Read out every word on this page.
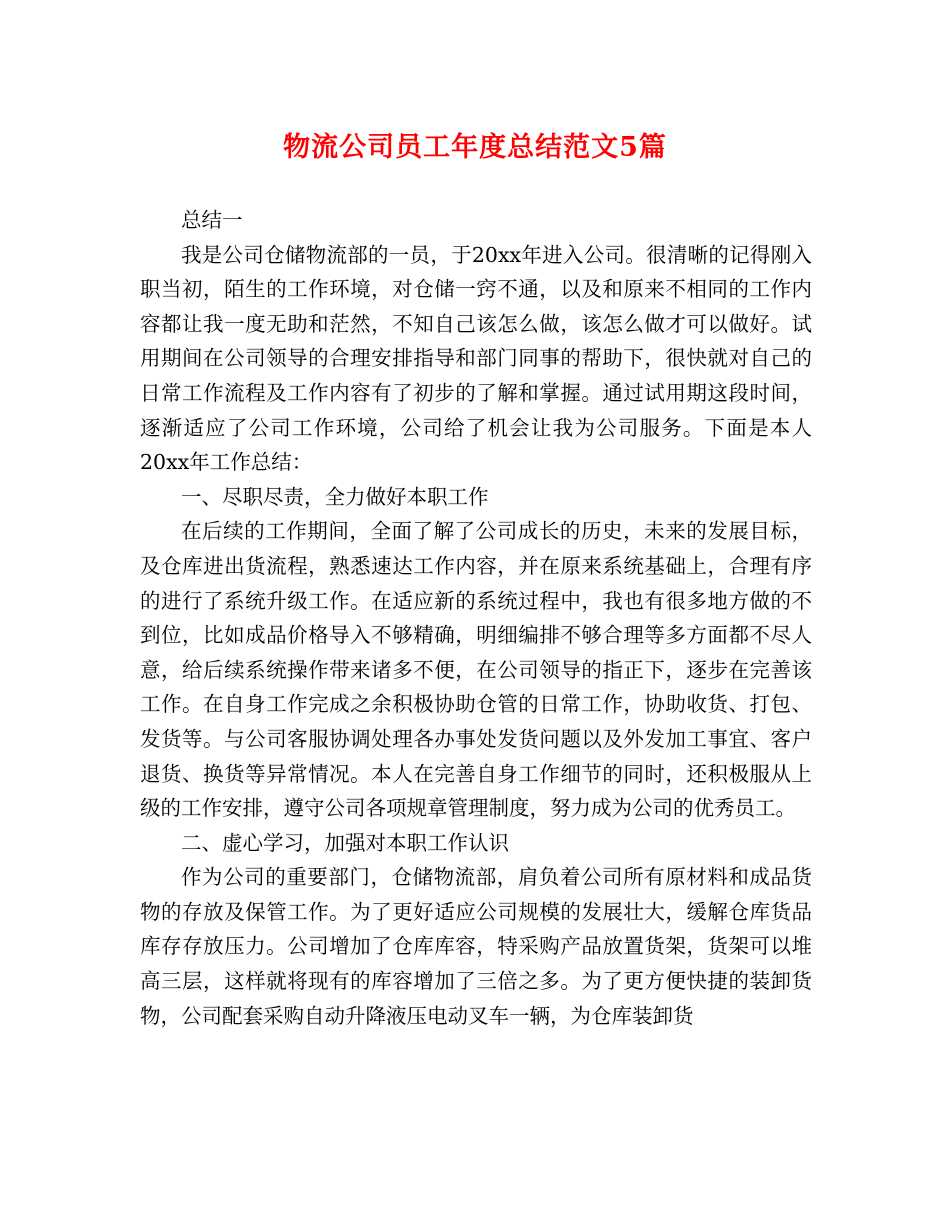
物流公司员工年度总结范文5篇

总结一

我是公司仓储物流部的一员，于20xx年进入公司。很清晰的记得刚入职当初，陌生的工作环境，对仓储一窍不通，以及和原来不相同的工作内容都让我一度无助和茫然，不知自己该怎么做，该怎么做才可以做好。试用期间在公司领导的合理安排指导和部门同事的帮助下，很快就对自己的日常工作流程及工作内容有了初步的了解和掌握。通过试用期这段时间，逐渐适应了公司工作环境，公司给了机会让我为公司服务。下面是本人20xx年工作总结：

一、尽职尽责，全力做好本职工作

在后续的工作期间，全面了解了公司成长的历史，未来的发展目标，及仓库进出货流程，熟悉速达工作内容，并在原来系统基础上，合理有序的进行了系统升级工作。在适应新的系统过程中，我也有很多地方做的不到位，比如成品价格导入不够精确，明细编排不够合理等多方面都不尽人意，给后续系统操作带来诸多不便，在公司领导的指正下，逐步在完善该工作。在自身工作完成之余积极协助仓管的日常工作，协助收货、打包、发货等。与公司客服协调处理各办事处发货问题以及外发加工事宜、客户退货、换货等异常情况。本人在完善自身工作细节的同时，还积极服从上级的工作安排，遵守公司各项规章管理制度，努力成为公司的优秀员工。

二、虚心学习，加强对本职工作认识

作为公司的重要部门，仓储物流部，肩负着公司所有原材料和成品货物的存放及保管工作。为了更好适应公司规模的发展壮大，缓解仓库货品库存存放压力。公司增加了仓库库容，特采购产品放置货架，货架可以堆高三层，这样就将现有的库容增加了三倍之多。为了更方便快捷的装卸货物，公司配套采购自动升降液压电动叉车一辆，为仓库装卸货
